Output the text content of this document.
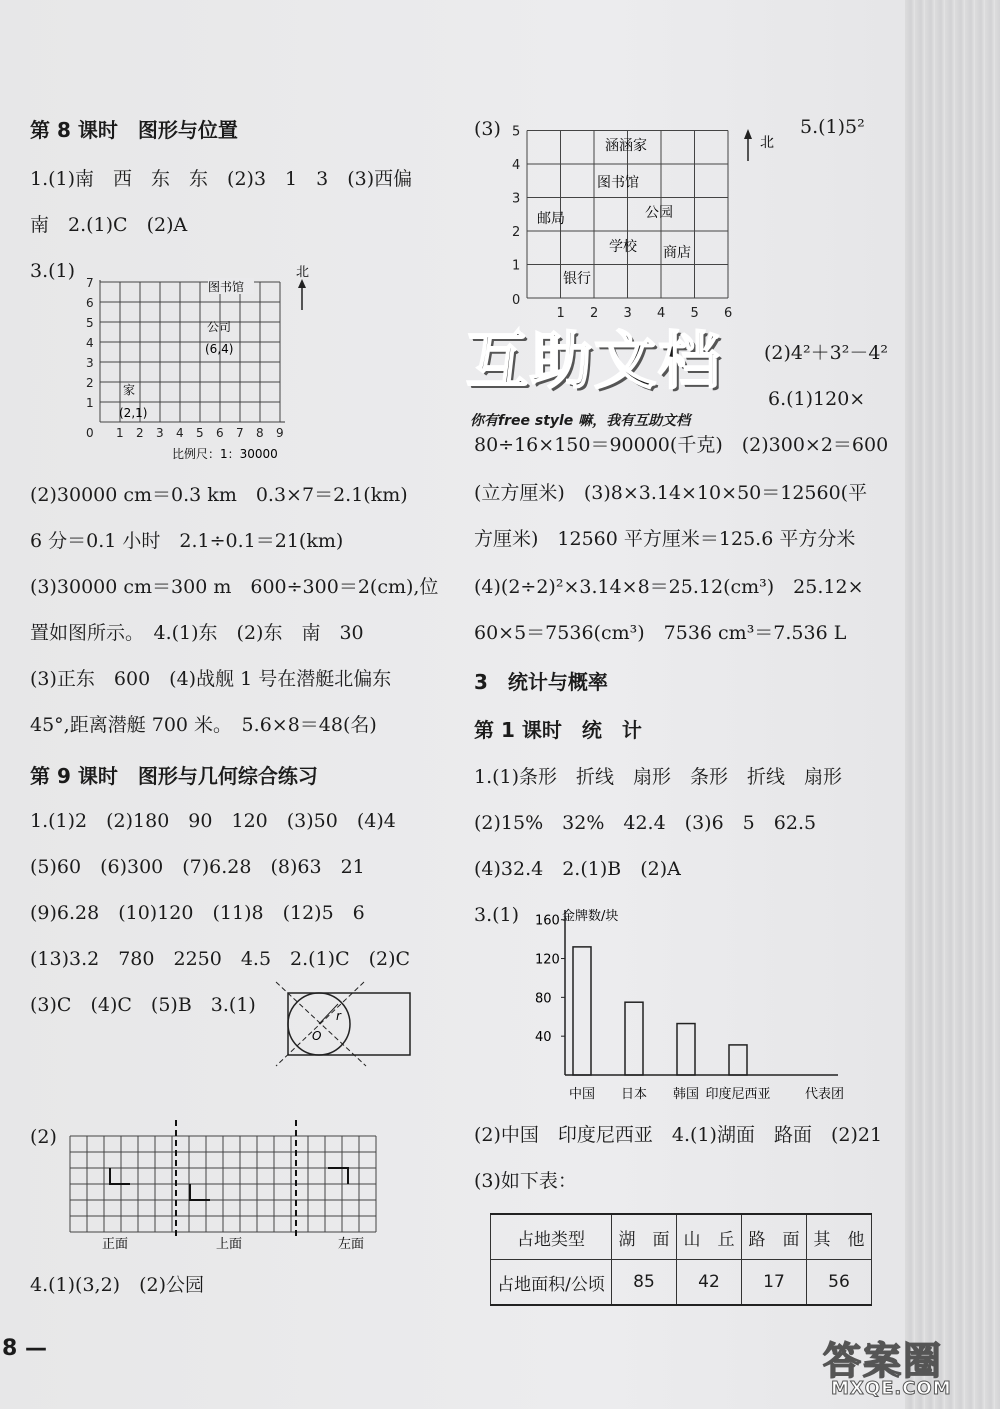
第 8 课时　图形与位置
1.(1)南　西　东　东　(2)3　1　3　(3)西偏
南　2.(1)C　(2)A
3.(1)
0 1 2 3 4 5 6 7 8 9
1
2
3
4
5
6
7
北
图书馆
公司
(6,4)
家
(2,1)
比例尺：1：30000
(2)30000 cm＝0.3 km　0.3×7＝2.1(km)
6 分＝0.1 小时　2.1÷0.1＝21(km)
(3)30000 cm＝300 m　600÷300＝2(cm),位
置如图所示。　4.(1)东　(2)东　南　30
(3)正东　600　(4)战舰 1 号在潜艇北偏东
45°,距离潜艇 700 米。　5.6×8＝48(名)
第 9 课时　图形与几何综合练习
1.(1)2　(2)180　90　120　(3)50　(4)4
(5)60　(6)300　(7)6.28　(8)63　21
(9)6.28　(10)120　(11)8　(12)5　6
(13)3.2　780　2250　4.5　2.(1)C　(2)C
(3)C　(4)C　(5)B　3.(1)	r
O
(2)
正面	上面	左面
4.(1)(3,2)　(2)公园
8 —
(3)
1 2 3 4 5 6
0
1
2
3
4
5
北
涵涵家
图书馆
公园
邮局
学校 商店
银行
5.(1)5²
(2)4²＋3²－4²
互助文档
你有free style 嘛，我有互助文档
6.(1)120×
80÷16×150＝90000(千克)　(2)300×2＝600
(立方厘米)　(3)8×3.14×10×50＝12560(平
方厘米)　12560 平方厘米＝125.6 平方分米
(4)(2÷2)²×3.14×8＝25.12(cm³)　25.12×
60×5＝7536(cm³)　7536 cm³＝7.536 L
3　统计与概率
第 1 课时　统　计
1.(1)条形　折线　扇形　条形　折线　扇形
(2)15%　32%　42.4　(3)6　5　62.5
(4)32.4　2.(1)B　(2)A
3.(1)	金牌数/块
代表团
中国 日本 韩国 印度尼西亚
40
80
120
160
(2)中国　印度尼西亚　4.(1)湖面　路面　(2)21
(3)如下表：
占地类型	湖　面	山　丘	路　面	其　他
占地面积/公顷	85	42	17	56
答案圈
MXQE.COM
